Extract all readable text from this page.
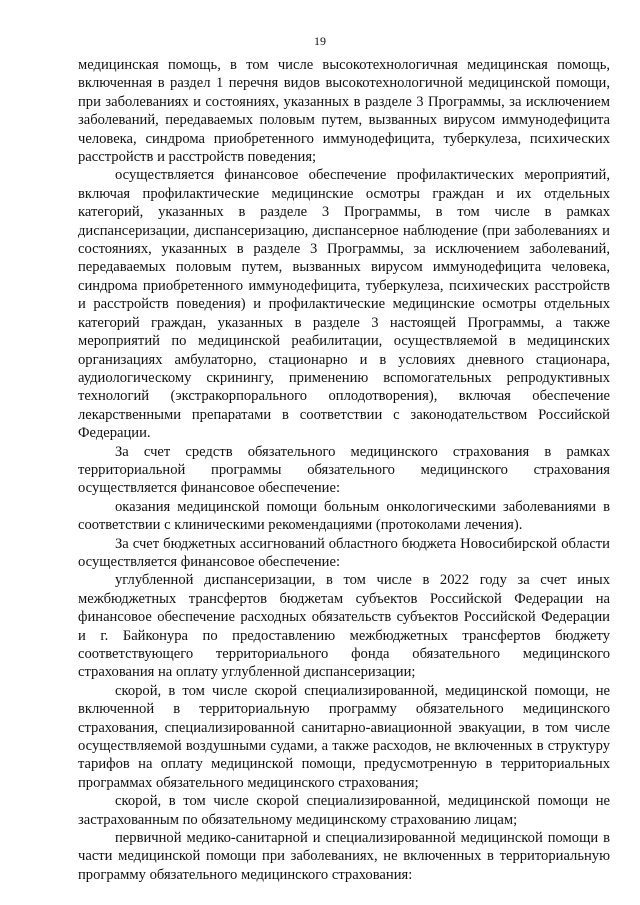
19

медицинская помощь, в том числе высокотехнологичная медицинская помощь, включенная в раздел 1 перечня видов высокотехнологичной медицинской помощи, при заболеваниях и состояниях, указанных в разделе 3 Программы, за исключением заболеваний, передаваемых половым путем, вызванных вирусом иммунодефицита человека, синдрома приобретенного иммунодефицита, туберкулеза, психических расстройств и расстройств поведения;

осуществляется финансовое обеспечение профилактических мероприятий, включая профилактические медицинские осмотры граждан и их отдельных категорий, указанных в разделе 3 Программы, в том числе в рамках диспансеризации, диспансеризацию, диспансерное наблюдение (при заболеваниях и состояниях, указанных в разделе 3 Программы, за исключением заболеваний, передаваемых половым путем, вызванных вирусом иммунодефицита человека, синдрома приобретенного иммунодефицита, туберкулеза, психических расстройств и расстройств поведения) и профилактические медицинские осмотры отдельных категорий граждан, указанных в разделе 3 настоящей Программы, а также мероприятий по медицинской реабилитации, осуществляемой в медицинских организациях амбулаторно, стационарно и в условиях дневного стационара, аудиологическому скринингу, применению вспомогательных репродуктивных технологий (экстракорпорального оплодотворения), включая обеспечение лекарственными препаратами в соответствии с законодательством Российской Федерации.

За счет средств обязательного медицинского страхования в рамках территориальной программы обязательного медицинского страхования осуществляется финансовое обеспечение:

оказания медицинской помощи больным онкологическими заболеваниями в соответствии с клиническими рекомендациями (протоколами лечения).

За счет бюджетных ассигнований областного бюджета Новосибирской области осуществляется финансовое обеспечение:

углубленной диспансеризации, в том числе в 2022 году за счет иных межбюджетных трансфертов бюджетам субъектов Российской Федерации на финансовое обеспечение расходных обязательств субъектов Российской Федерации и г. Байконура по предоставлению межбюджетных трансфертов бюджету соответствующего территориального фонда обязательного медицинского страхования на оплату углубленной диспансеризации;

скорой, в том числе скорой специализированной, медицинской помощи, не включенной в территориальную программу обязательного медицинского страхования, специализированной санитарно-авиационной эвакуации, в том числе осуществляемой воздушными судами, а также расходов, не включенных в структуру тарифов на оплату медицинской помощи, предусмотренную в территориальных программах обязательного медицинского страхования;

скорой, в том числе скорой специализированной, медицинской помощи не застрахованным по обязательному медицинскому страхованию лицам;

первичной медико-санитарной и специализированной медицинской помощи в части медицинской помощи при заболеваниях, не включенных в территориальную программу обязательного медицинского страхования:
